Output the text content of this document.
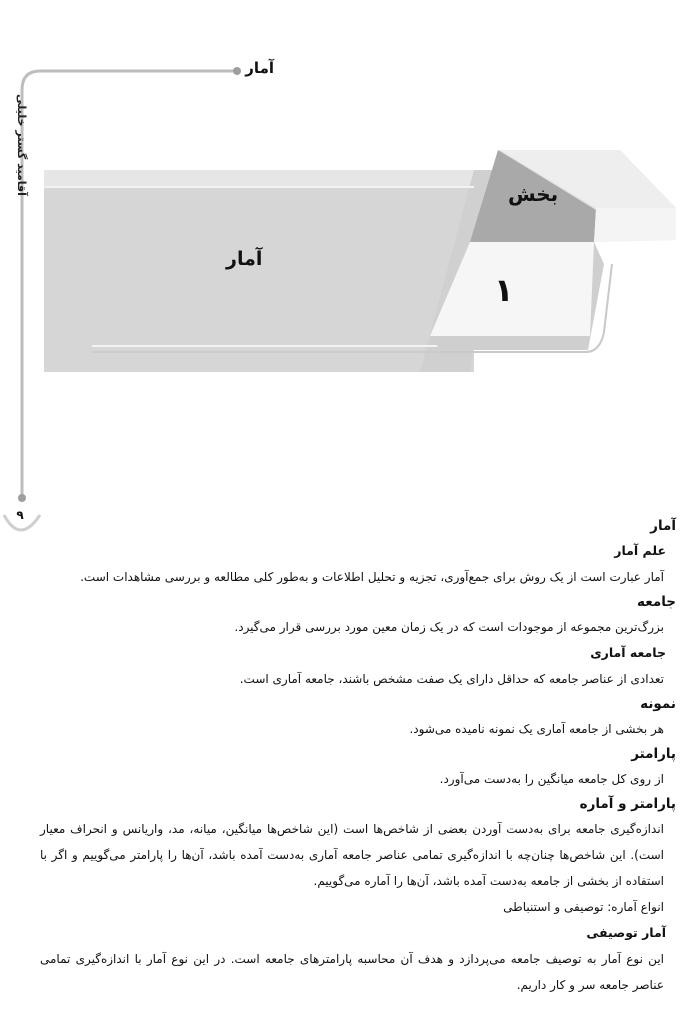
آمار
آقامید گستر خلیلی
۹
بخش
۱
آمار
آمار
علم آمار
آمار عبارت است از یک روش برای جمع‌آوری، تجزیه و تحلیل اطلاعات و به‌طور کلی مطالعه و بررسی مشاهدات است.
جامعه
بزرگ‌ترین مجموعه از موجودات است که در یک زمان معین مورد بررسی قرار می‌گیرد.
جامعه آماری
تعدادی از عناصر جامعه که حداقل دارای یک صفت مشخص باشند، جامعه آماری است.
نمونه
هر بخشی از جامعه آماری یک نمونه نامیده می‌شود.
پارامتر
از روی کل جامعه میانگین را به‌دست می‌آورد.
پارامتر و آماره
اندازه‌گیری جامعه برای به‌دست آوردن بعضی از شاخص‌ها است (این شاخص‌ها میانگین، میانه، مد، واریانس و انحراف معیار است). این شاخص‌ها چنان‌چه با اندازه‌گیری تمامی عناصر جامعه آماری به‌دست آمده باشد، آن‌ها را پارامتر می‌گوییم و اگر با استفاده از بخشی از جامعه به‌دست آمده باشد، آن‌ها را آماره می‌گوییم.
انواع آماره: توصیفی و استنباطی
آمار توصیفی
این نوع آمار به توصیف جامعه می‌پردازد و هدف آن محاسبه پارامترهای جامعه است. در این نوع آمار با اندازه‌گیری تمامی عناصر جامعه سر و کار داریم.
